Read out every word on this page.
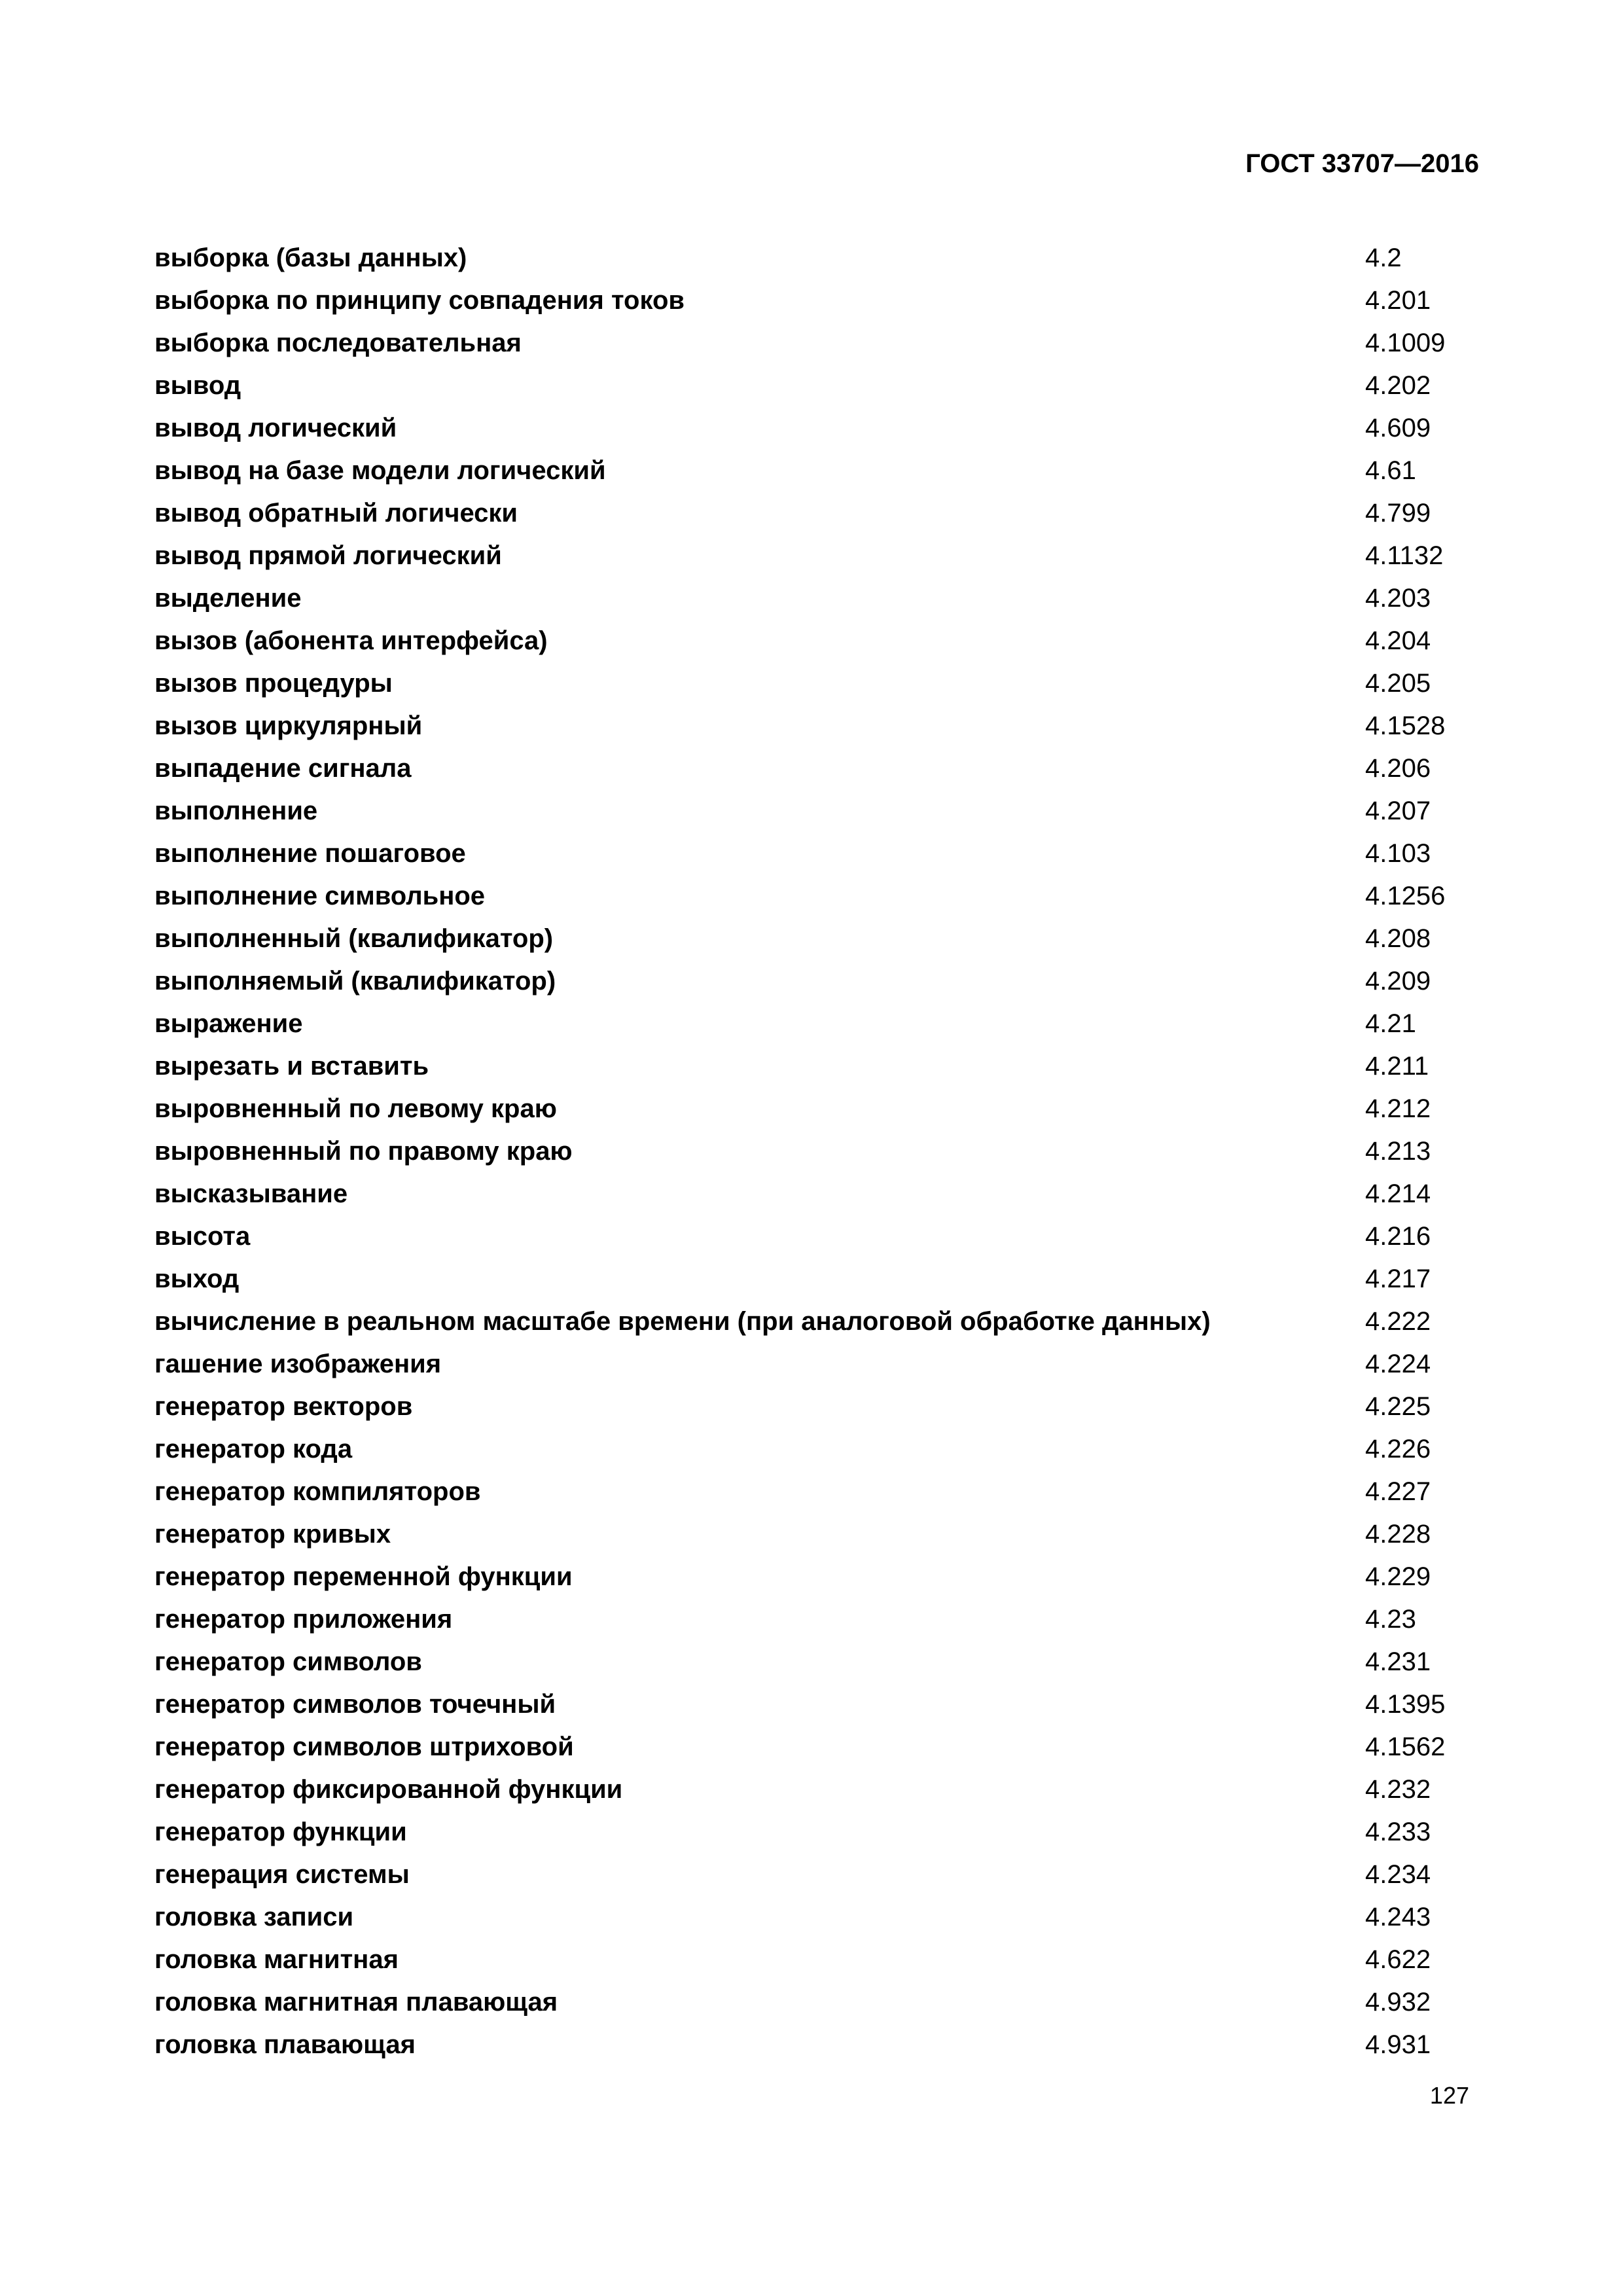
ГОСТ 33707—2016
выборка (базы данных)	4.2
выборка по принципу совпадения токов	4.201
выборка последовательная	4.1009
вывод	4.202
вывод логический	4.609
вывод на базе модели логический	4.61
вывод обратный логически	4.799
вывод прямой логический	4.1132
выделение	4.203
вызов (абонента интерфейса)	4.204
вызов процедуры	4.205
вызов циркулярный	4.1528
выпадение сигнала	4.206
выполнение	4.207
выполнение пошаговое	4.103
выполнение символьное	4.1256
выполненный (квалификатор)	4.208
выполняемый (квалификатор)	4.209
выражение	4.21
вырезать и вставить	4.211
выровненный по левому краю	4.212
выровненный по правому краю	4.213
высказывание	4.214
высота	4.216
выход	4.217
вычисление в реальном масштабе времени (при аналоговой обработке данных)	4.222
гашение изображения	4.224
генератор векторов	4.225
генератор кода	4.226
генератор компиляторов	4.227
генератор кривых	4.228
генератор переменной функции	4.229
генератор приложения	4.23
генератор символов	4.231
генератор символов точечный	4.1395
генератор символов штриховой	4.1562
генератор фиксированной функции	4.232
генератор функции	4.233
генерация системы	4.234
головка записи	4.243
головка магнитная	4.622
головка магнитная плавающая	4.932
головка плавающая	4.931
127
